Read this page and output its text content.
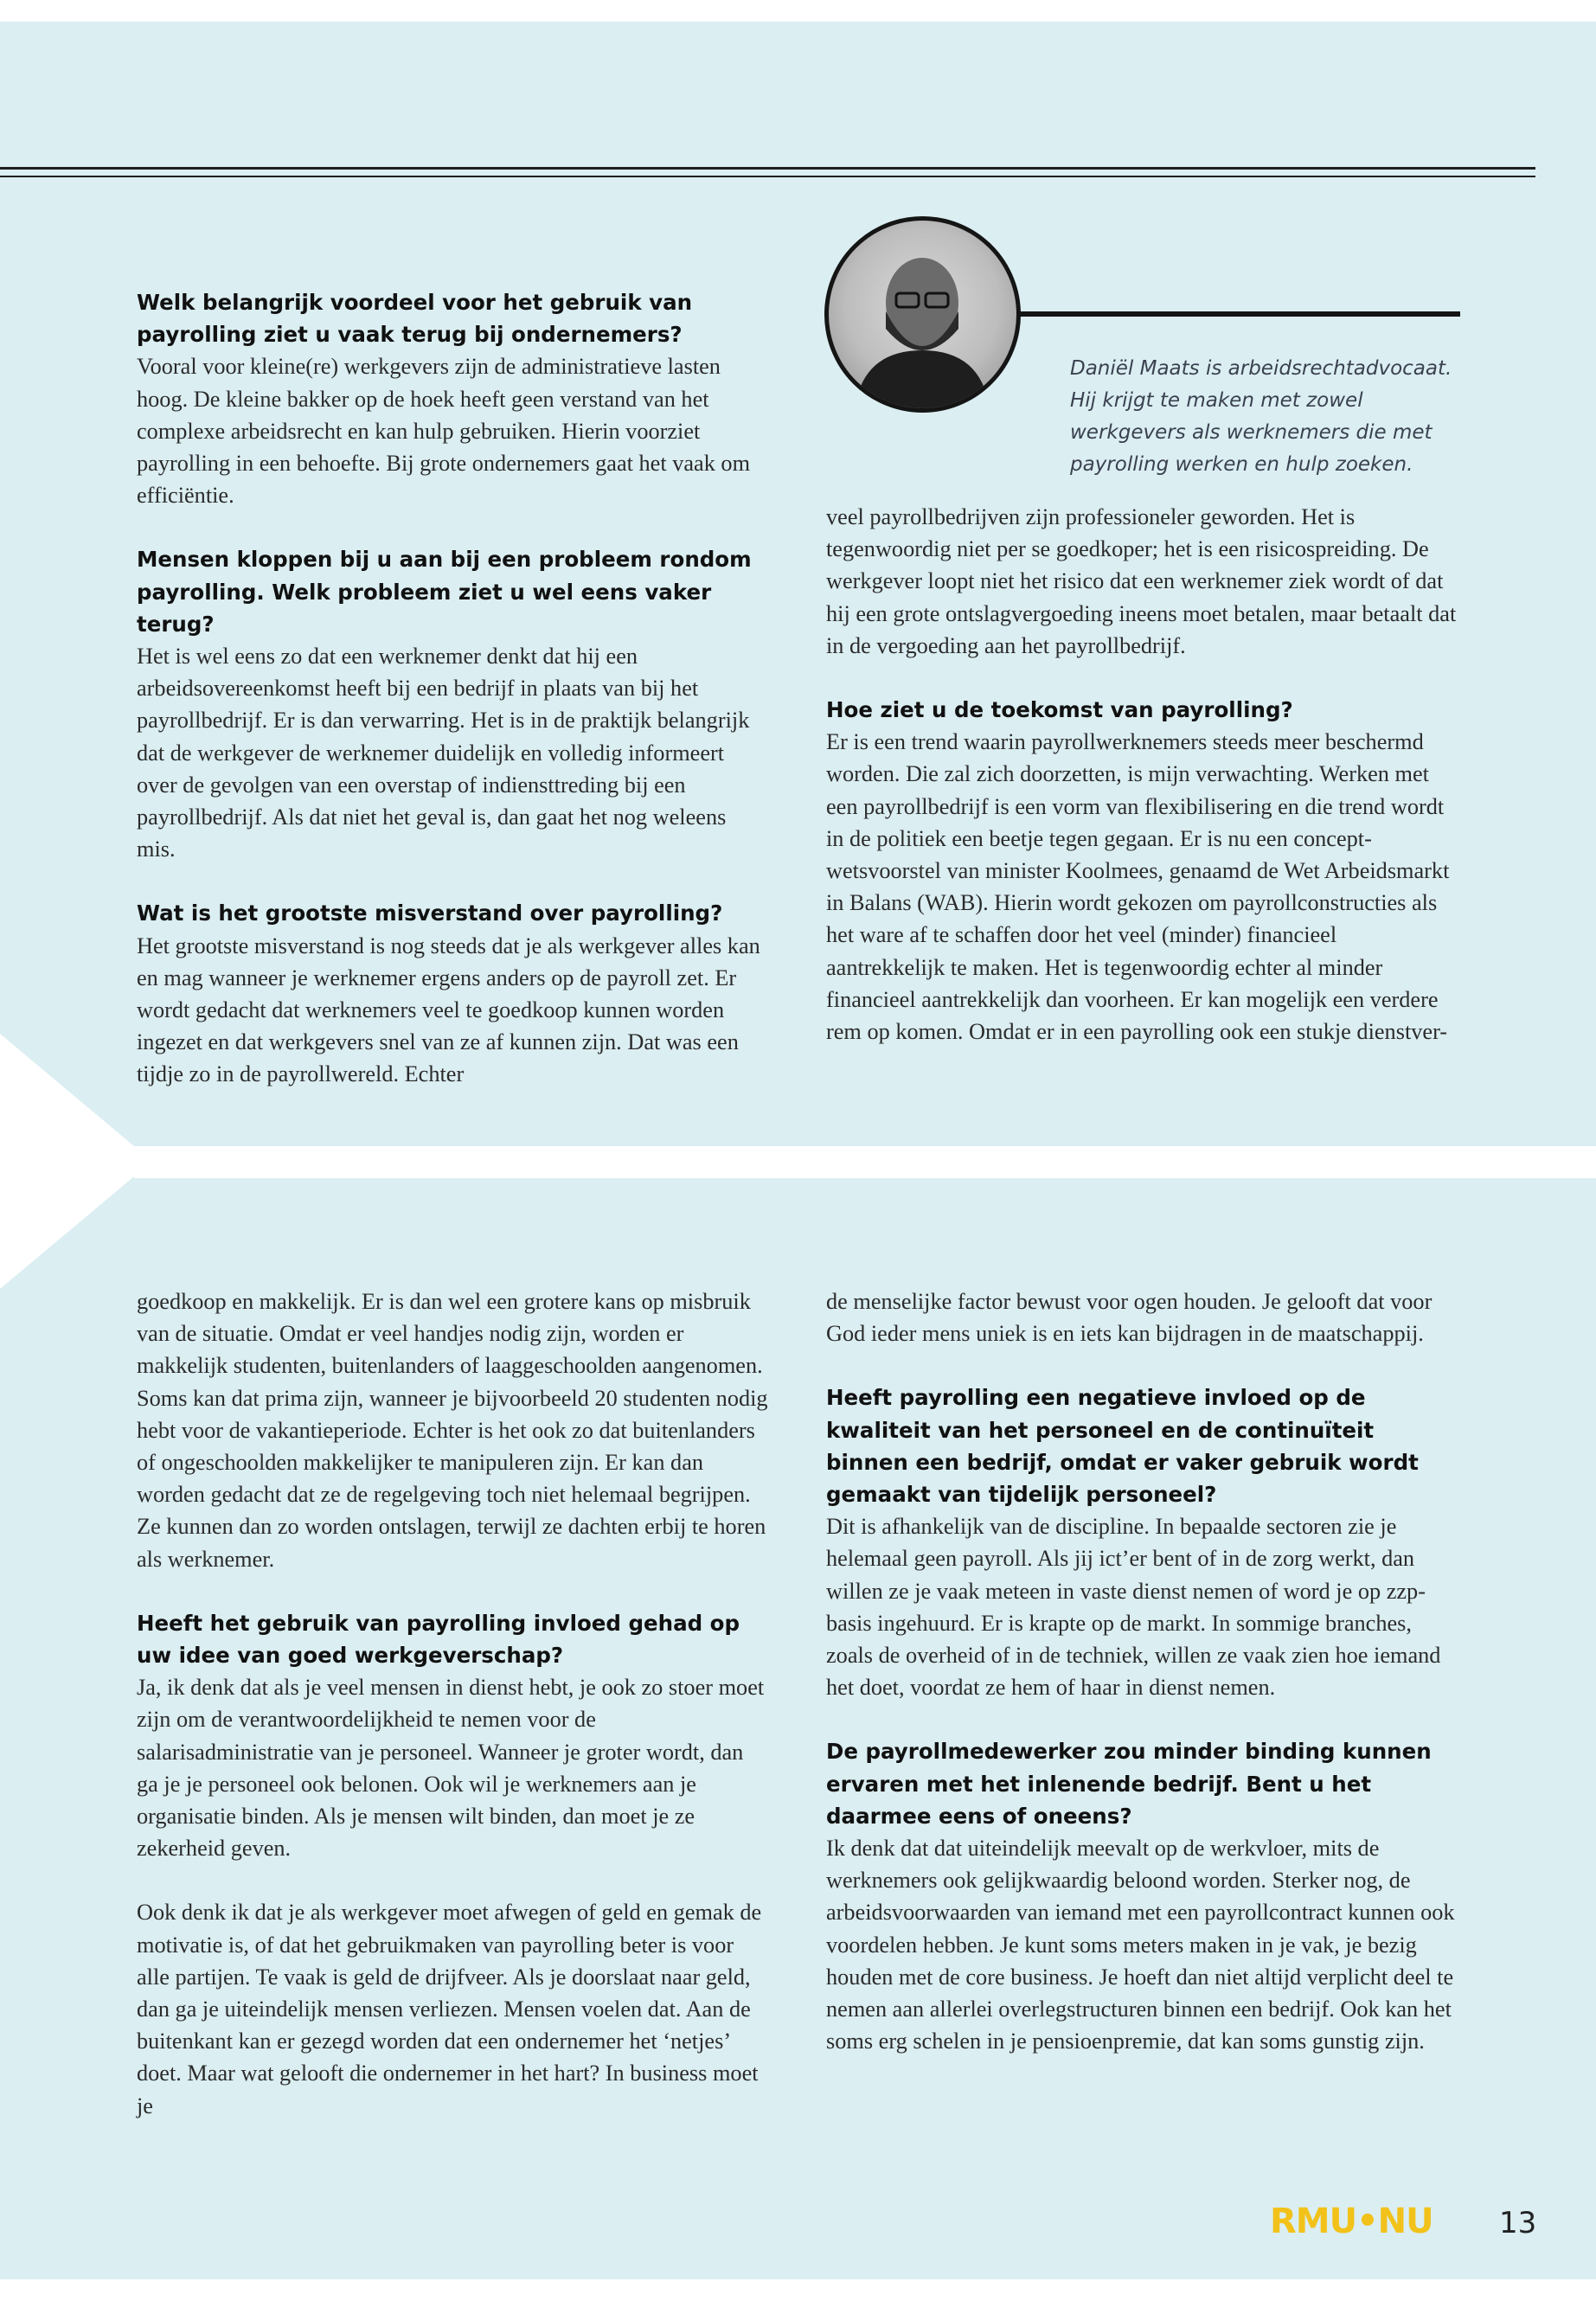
Daniël Maats is arbeidsrechtadvocaat. Hij krijgt te maken met zowel werkgevers als werknemers die met payrolling werken en hulp zoeken.
Welk belangrijk voordeel voor het gebruik van payrolling ziet u vaak terug bij ondernemers?

Vooral voor kleine(re) werkgevers zijn de administratieve lasten hoog. De kleine bakker op de hoek heeft geen verstand van het complexe arbeidsrecht en kan hulp gebruiken. Hierin voorziet payrolling in een behoefte. Bij grote ondernemers gaat het vaak om efficiëntie.

Mensen kloppen bij u aan bij een probleem rondom payrolling. Welk probleem ziet u wel eens vaker terug?

Het is wel eens zo dat een werknemer denkt dat hij een arbeidsovereenkomst heeft bij een bedrijf in plaats van bij het payrollbedrijf. Er is dan verwarring. Het is in de praktijk belangrijk dat de werkgever de werknemer duidelijk en volledig informeert over de gevolgen van een overstap of indiensttreding bij een payrollbedrijf. Als dat niet het geval is, dan gaat het nog weleens mis.

Wat is het grootste misverstand over payrolling?

Het grootste misverstand is nog steeds dat je als werkgever alles kan en mag wanneer je werknemer ergens anders op de payroll zet. Er wordt gedacht dat werknemers veel te goedkoop kunnen worden ingezet en dat werkgevers snel van ze af kunnen zijn. Dat was een tijdje zo in de payrollwereld. Echter

veel payrollbedrijven zijn professioneler geworden. Het is tegenwoordig niet per se goedkoper; het is een risicospreiding. De werkgever loopt niet het risico dat een werknemer ziek wordt of dat hij een grote ontslagvergoeding ineens moet betalen, maar betaalt dat in de vergoeding aan het payrollbedrijf.

Hoe ziet u de toekomst van payrolling?

Er is een trend waarin payrollwerknemers steeds meer beschermd worden. Die zal zich doorzetten, is mijn verwachting. Werken met een payrollbedrijf is een vorm van flexibilisering en die trend wordt in de politiek een beetje tegen gegaan. Er is nu een concept-wetsvoorstel van minister Koolmees, genaamd de Wet Arbeidsmarkt in Balans (WAB). Hierin wordt gekozen om payrollconstructies als het ware af te schaffen door het veel (minder) financieel aantrekkelijk te maken. Het is tegenwoordig echter al minder financieel aantrekkelijk dan voorheen. Er kan mogelijk een verdere rem op komen. Omdat er in een payrolling ook een stukje dienstver-

goedkoop en makkelijk. Er is dan wel een grotere kans op misbruik van de situatie. Omdat er veel handjes nodig zijn, worden er makkelijk studenten, buitenlanders of laaggeschoolden aangenomen. Soms kan dat prima zijn, wanneer je bijvoorbeeld 20 studenten nodig hebt voor de vakantieperiode. Echter is het ook zo dat buitenlanders of ongeschoolden makkelijker te manipuleren zijn. Er kan dan worden gedacht dat ze de regelgeving toch niet helemaal begrijpen. Ze kunnen dan zo worden ontslagen, terwijl ze dachten erbij te horen als werknemer.

Heeft het gebruik van payrolling invloed gehad op uw idee van goed werkgeverschap?

Ja, ik denk dat als je veel mensen in dienst hebt, je ook zo stoer moet zijn om de verantwoordelijkheid te nemen voor de salarisadministratie van je personeel. Wanneer je groter wordt, dan ga je je personeel ook belonen. Ook wil je werknemers aan je organisatie binden. Als je mensen wilt binden, dan moet je ze zekerheid geven.

Ook denk ik dat je als werkgever moet afwegen of geld en gemak de motivatie is, of dat het gebruikmaken van payrolling beter is voor alle partijen. Te vaak is geld de drijfveer. Als je doorslaat naar geld, dan ga je uiteindelijk mensen verliezen. Mensen voelen dat. Aan de buitenkant kan er gezegd worden dat een ondernemer het ‘netjes’ doet. Maar wat gelooft die ondernemer in het hart? In business moet je

de menselijke factor bewust voor ogen houden. Je gelooft dat voor God ieder mens uniek is en iets kan bijdragen in de maatschappij.

Heeft payrolling een negatieve invloed op de kwaliteit van het personeel en de continuïteit binnen een bedrijf, omdat er vaker gebruik wordt gemaakt van tijdelijk personeel?

Dit is afhankelijk van de discipline. In bepaalde sectoren zie je helemaal geen payroll. Als jij ict’er bent of in de zorg werkt, dan willen ze je vaak meteen in vaste dienst nemen of word je op zzp-basis ingehuurd. Er is krapte op de markt. In sommige branches, zoals de overheid of in de techniek, willen ze vaak zien hoe iemand het doet, voordat ze hem of haar in dienst nemen.

De payrollmedewerker zou minder binding kunnen ervaren met het inlenende bedrijf. Bent u het daarmee eens of oneens?

Ik denk dat dat uiteindelijk meevalt op de werkvloer, mits de werknemers ook gelijkwaardig beloond worden. Sterker nog, de arbeidsvoorwaarden van iemand met een payrollcontract kunnen ook voordelen hebben. Je kunt soms meters maken in je vak, je bezig houden met de core business. Je hoeft dan niet altijd verplicht deel te nemen aan allerlei overlegstructuren binnen een bedrijf. Ook kan het soms erg schelen in je pensioenpremie, dat kan soms gunstig zijn.

RMU•NU 13
